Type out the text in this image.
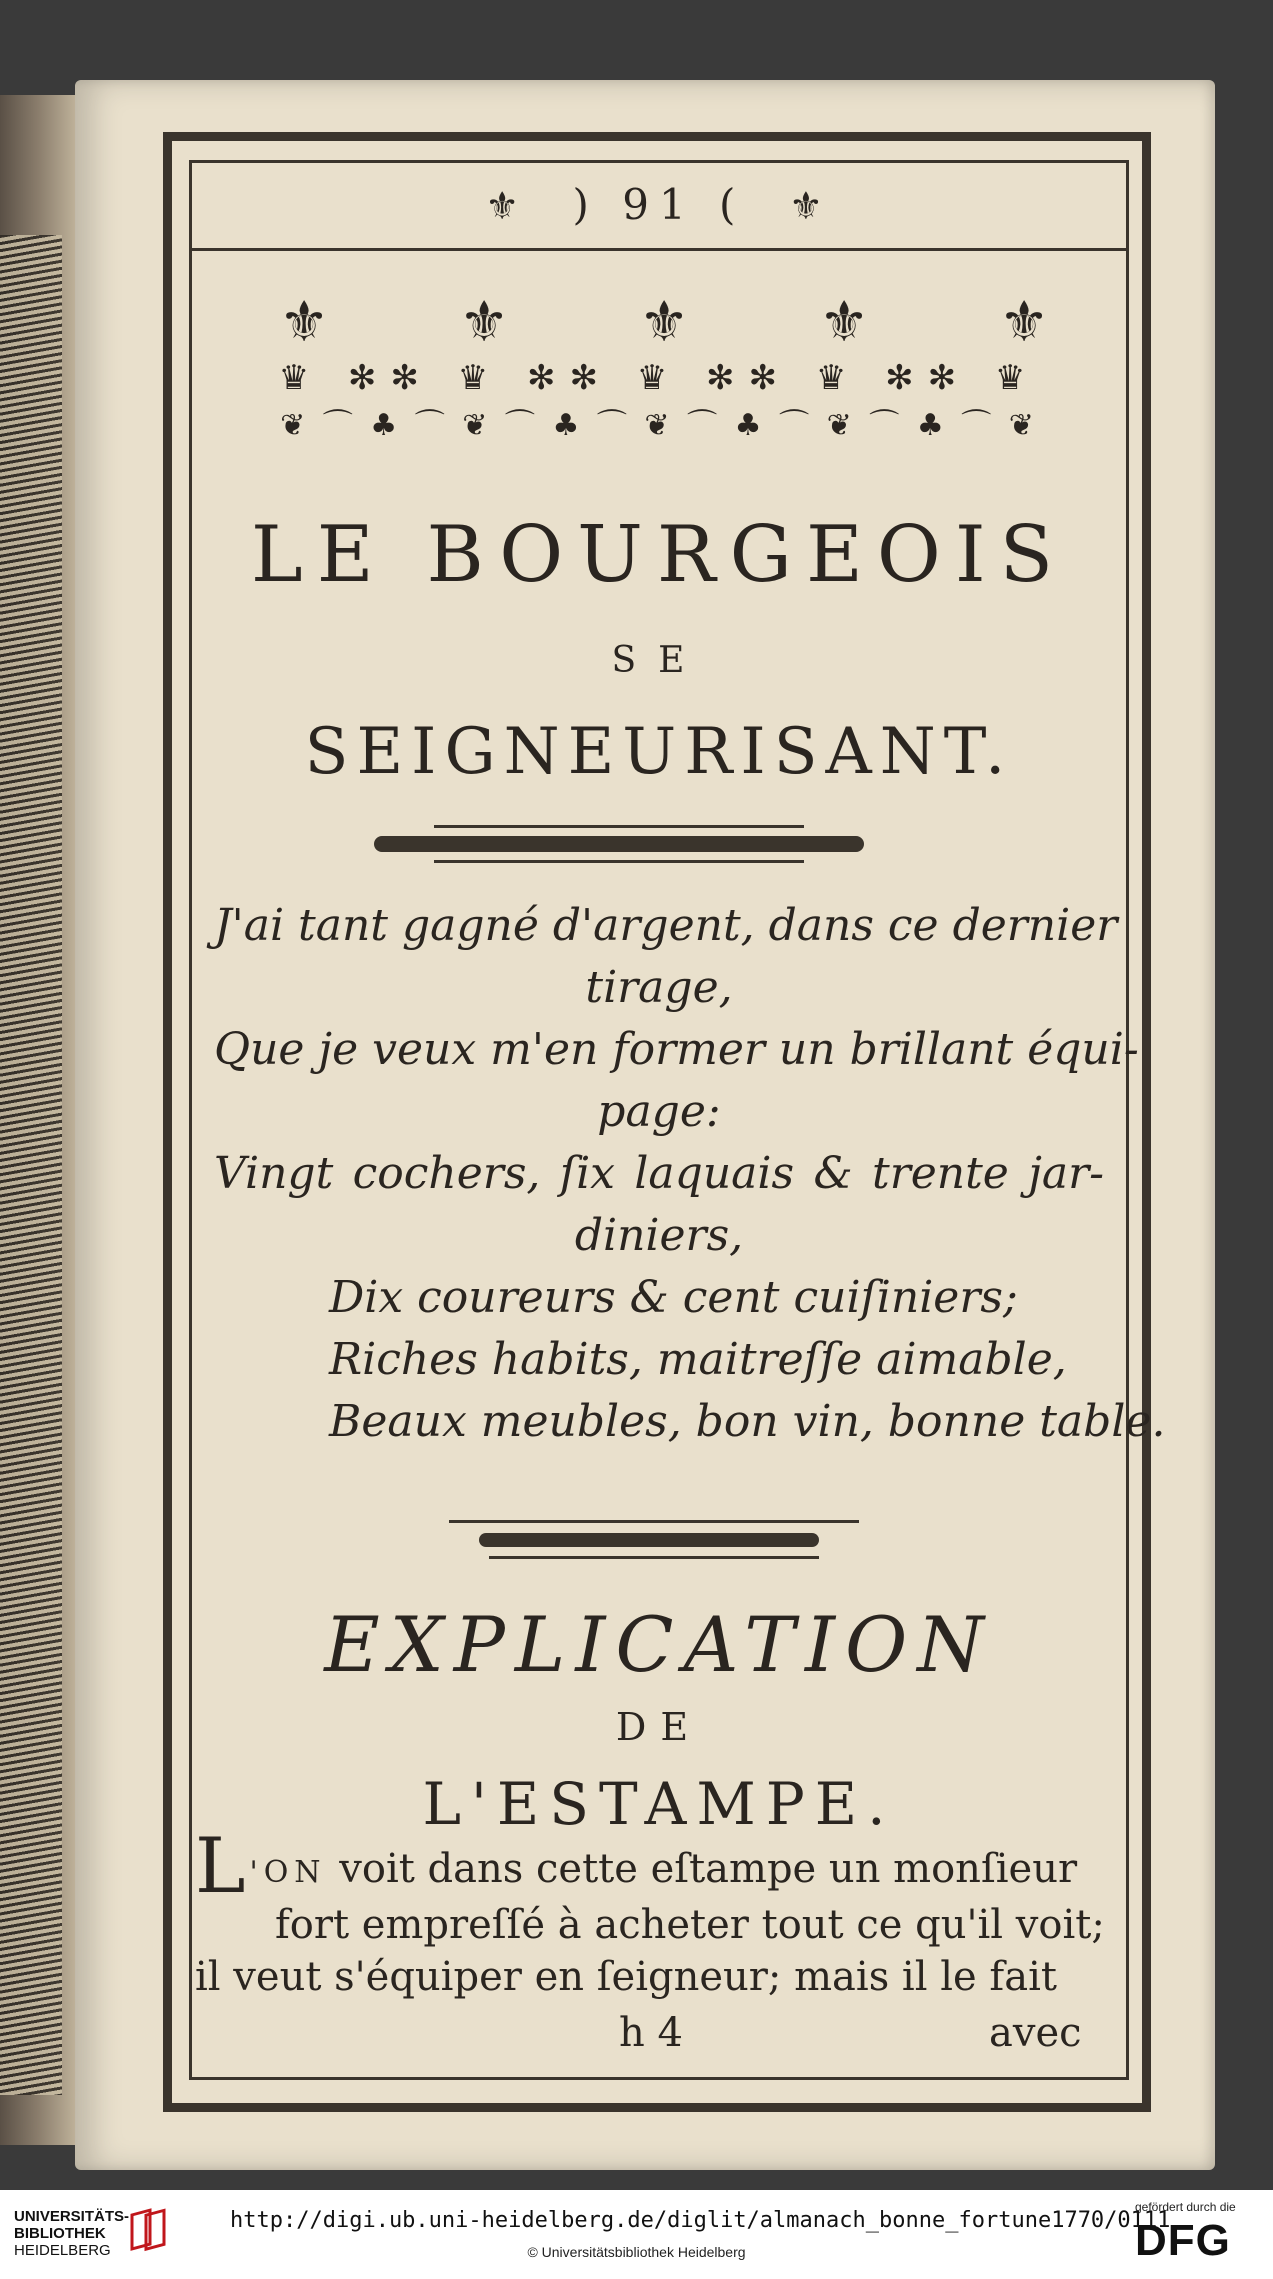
⚜ ) 91 ( ⚜
⚜ ⚜ ⚜ ⚜ ⚜
♛ ✻✻ ♛ ✻✻ ♛ ✻✻ ♛ ✻✻ ♛
❦ ⌒ ♣ ⌒ ❦ ⌒ ♣ ⌒ ❦ ⌒ ♣ ⌒ ❦ ⌒ ♣ ⌒ ❦
LE BOURGEOIS
SE
SEIGNEURISANT.
J'ai tant gagné d'argent, dans ce dernier
tirage,
Que je veux m'en former un brillant équi-
page:
Vingt cochers, ſix laquais & trente jar-
diniers,
Dix coureurs & cent cuiſiniers;
Riches habits, maitreſſe aimable,
Beaux meubles, bon vin, bonne table.
EXPLICATION
DE
L'ESTAMPE.
L 'ON voit dans cette eſtampe un monſieur
fort empreſſé à acheter tout ce qu'il voit;
il veut s'équiper en ſeigneur; mais il le fait
h 4	avec
UNIVERSITÄTS-
BIBLIOTHEK
HEIDELBERG
http://digi.ub.uni-heidelberg.de/diglit/almanach_bonne_fortune1770/0111
© Universitätsbibliothek Heidelberg
gefördert durch die
DFG
